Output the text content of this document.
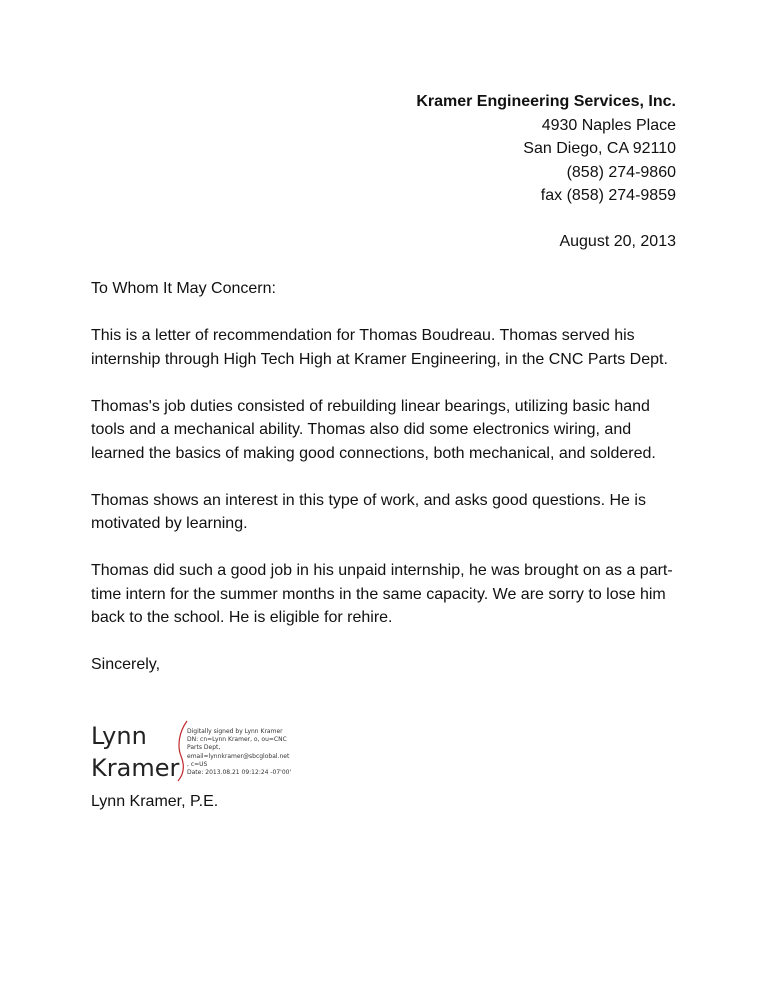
Kramer Engineering Services, Inc.
4930 Naples Place
San Diego, CA 92110
(858) 274-9860
fax (858) 274-9859
August 20, 2013

To Whom It May Concern:

This is a letter of recommendation for Thomas Boudreau. Thomas served his internship through High Tech High at Kramer Engineering, in the CNC Parts Dept.

Thomas's job duties consisted of rebuilding linear bearings, utilizing basic hand tools and a mechanical ability. Thomas also did some electronics wiring, and learned the basics of making good connections, both mechanical, and soldered.

Thomas shows an interest in this type of work, and asks good questions. He is motivated by learning.

Thomas did such a good job in his unpaid internship, he was brought on as a part-time intern for the summer months in the same capacity. We are sorry to lose him back to the school. He is eligible for rehire.

Sincerely,

Lynn
Kramer
Digitally signed by Lynn Kramer
DN: cn=Lynn Kramer, o, ou=CNC
Parts Dept,
email=lynnkramer@sbcglobal.net
, c=US
Date: 2013.08.21 09:12:24 -07'00'
Lynn Kramer, P.E.
